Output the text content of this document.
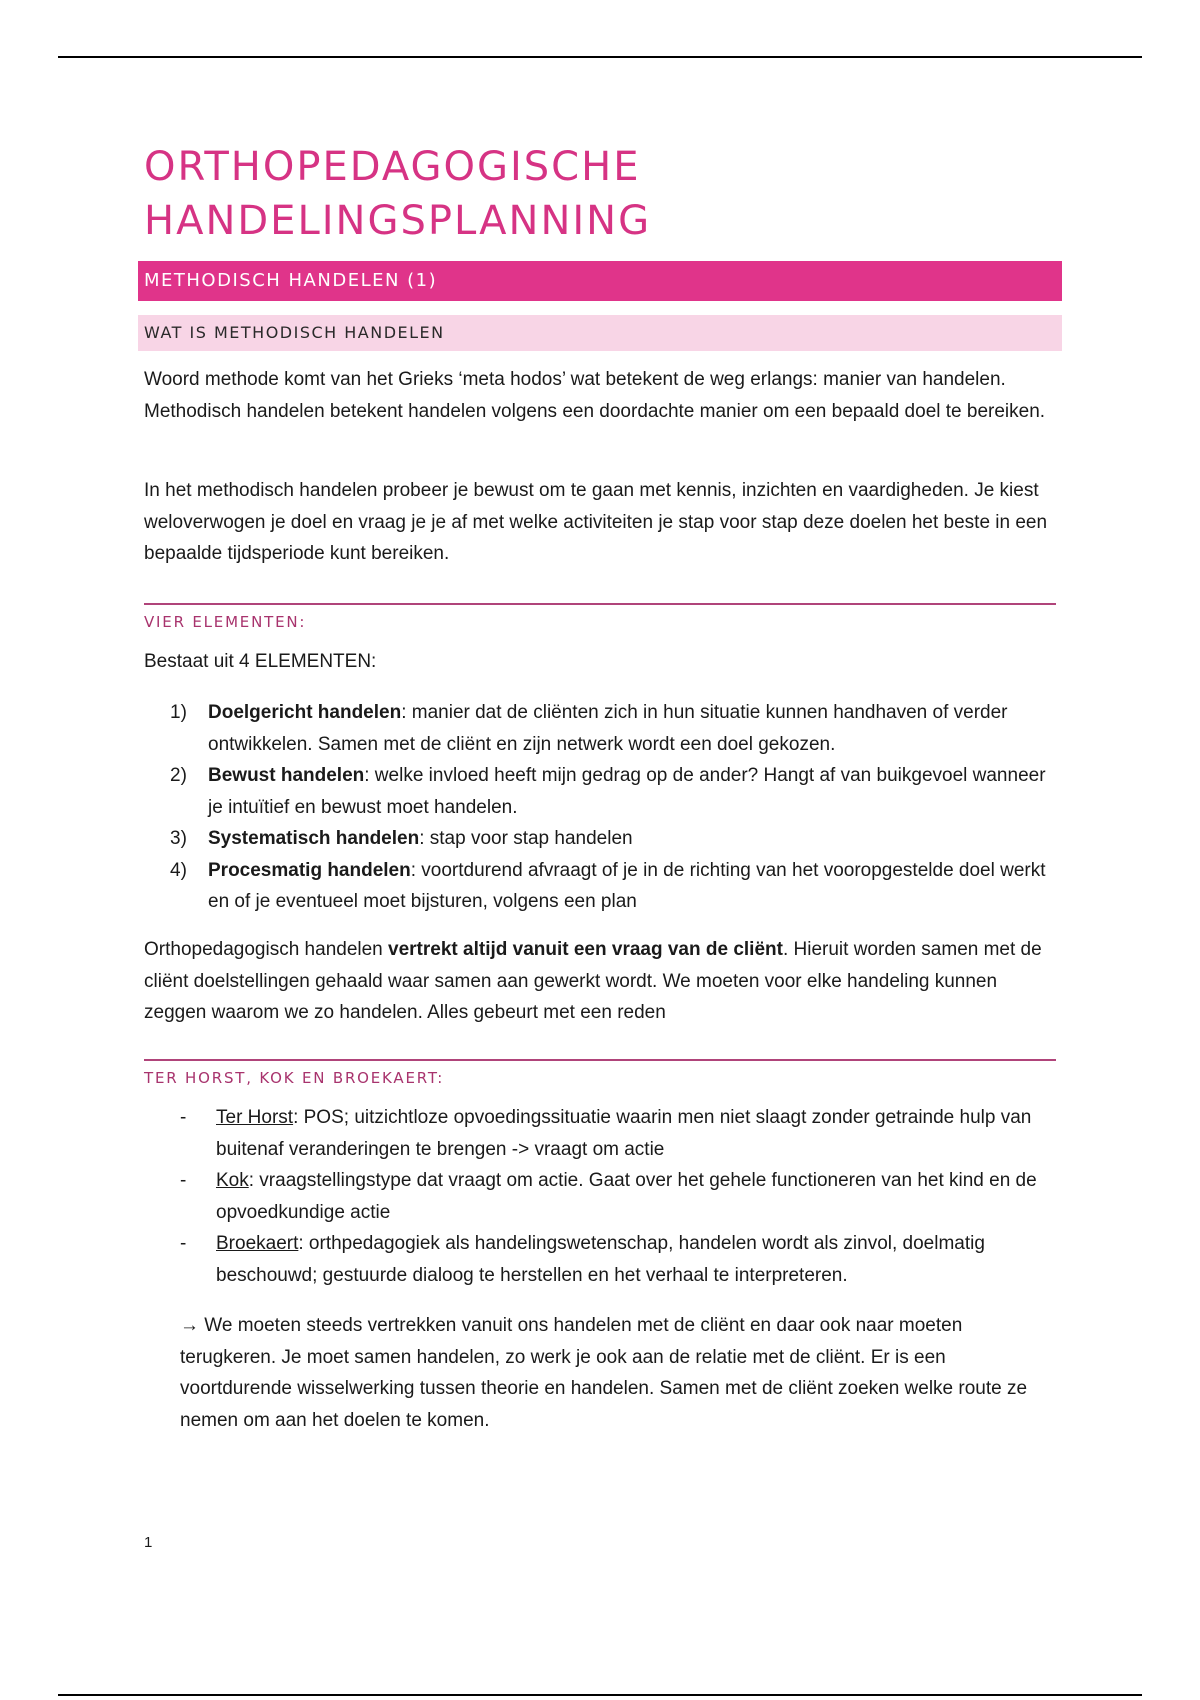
ORTHOPEDAGOGISCHE
HANDELINGSPLANNING
METHODISCH HANDELEN (1)
WAT IS METHODISCH HANDELEN

Woord methode komt van het Grieks ‘meta hodos’ wat betekent de weg erlangs: manier van handelen. Methodisch handelen betekent handelen volgens een doordachte manier om een bepaald doel te bereiken.

In het methodisch handelen probeer je bewust om te gaan met kennis, inzichten en vaardigheden. Je kiest weloverwogen je doel en vraag je je af met welke activiteiten je stap voor stap deze doelen het beste in een bepaalde tijdsperiode kunt bereiken.

VIER ELEMENTEN:

Bestaat uit 4 ELEMENTEN:

1) Doelgericht handelen: manier dat de cliënten zich in hun situatie kunnen handhaven of verder ontwikkelen. Samen met de cliënt en zijn netwerk wordt een doel gekozen.
2) Bewust handelen: welke invloed heeft mijn gedrag op de ander? Hangt af van buikgevoel wanneer je intuïtief en bewust moet handelen.
3) Systematisch handelen: stap voor stap handelen
4) Procesmatig handelen: voortdurend afvraagt of je in de richting van het vooropgestelde doel werkt en of je eventueel moet bijsturen, volgens een plan

Orthopedagogisch handelen vertrekt altijd vanuit een vraag van de cliënt. Hieruit worden samen met de cliënt doelstellingen gehaald waar samen aan gewerkt wordt. We moeten voor elke handeling kunnen zeggen waarom we zo handelen. Alles gebeurt met een reden

TER HORST, KOK EN BROEKAERT:
- Ter Horst: POS; uitzichtloze opvoedingssituatie waarin men niet slaagt zonder getrainde hulp van buitenaf veranderingen te brengen -> vraagt om actie
- Kok: vraagstellingstype dat vraagt om actie. Gaat over het gehele functioneren van het kind en de opvoedkundige actie
- Broekaert: orthpedagogiek als handelingswetenschap, handelen wordt als zinvol, doelmatig beschouwd; gestuurde dialoog te herstellen en het verhaal te interpreteren.

→ We moeten steeds vertrekken vanuit ons handelen met de cliënt en daar ook naar moeten terugkeren. Je moet samen handelen, zo werk je ook aan de relatie met de cliënt. Er is een voortdurende wisselwerking tussen theorie en handelen. Samen met de cliënt zoeken welke route ze nemen om aan het doelen te komen.

1
